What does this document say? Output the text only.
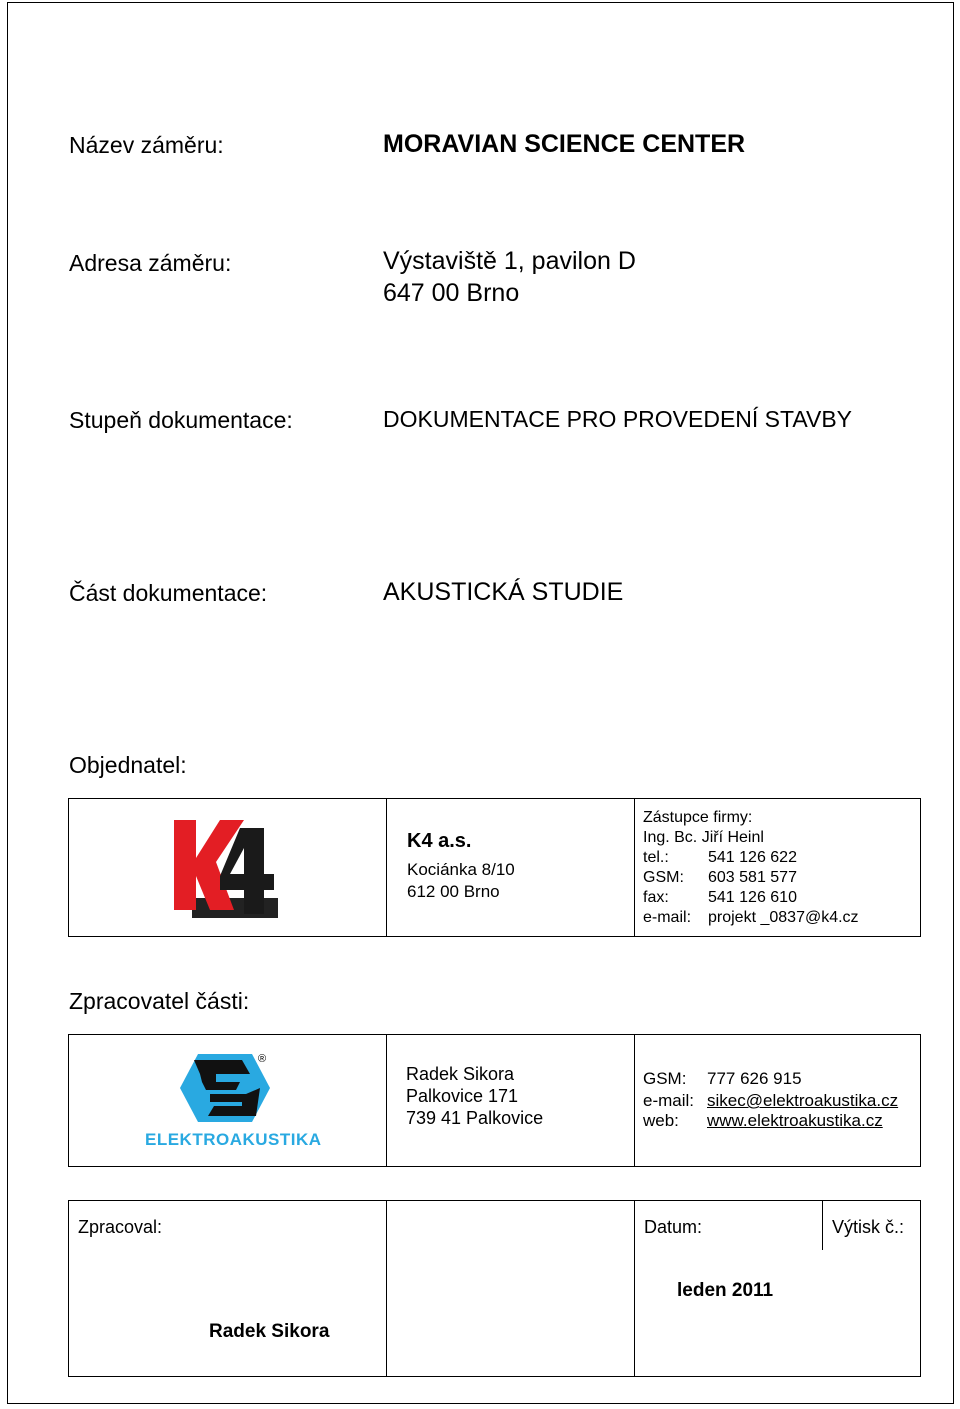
Název záměru:	MORAVIAN SCIENCE CENTER
Adresa záměru:	Výstaviště 1, pavilon D
647 00 Brno
Stupeň dokumentace:	DOKUMENTACE PRO PROVEDENÍ STAVBY
Část dokumentace:	AKUSTICKÁ STUDIE
Objednatel:
K4 a.s.
Kociánka 8/10
612 00 Brno
Zástupce firmy:
Ing. Bc. Jiří Heinl
tel.: 541 126 622
GSM: 603 581 577
fax: 541 126 610
e-mail: projekt _0837@k4.cz
Zpracovatel části:
®
ELEKTROAKUSTIKA
Radek Sikora
Palkovice 171
739 41 Palkovice
GSM: 777 626 915
e-mail: sikec@elektroakustika.cz
web: www.elektroakustika.cz
Zpracoval:
Radek Sikora
Datum:
leden 2011
Výtisk č.:
